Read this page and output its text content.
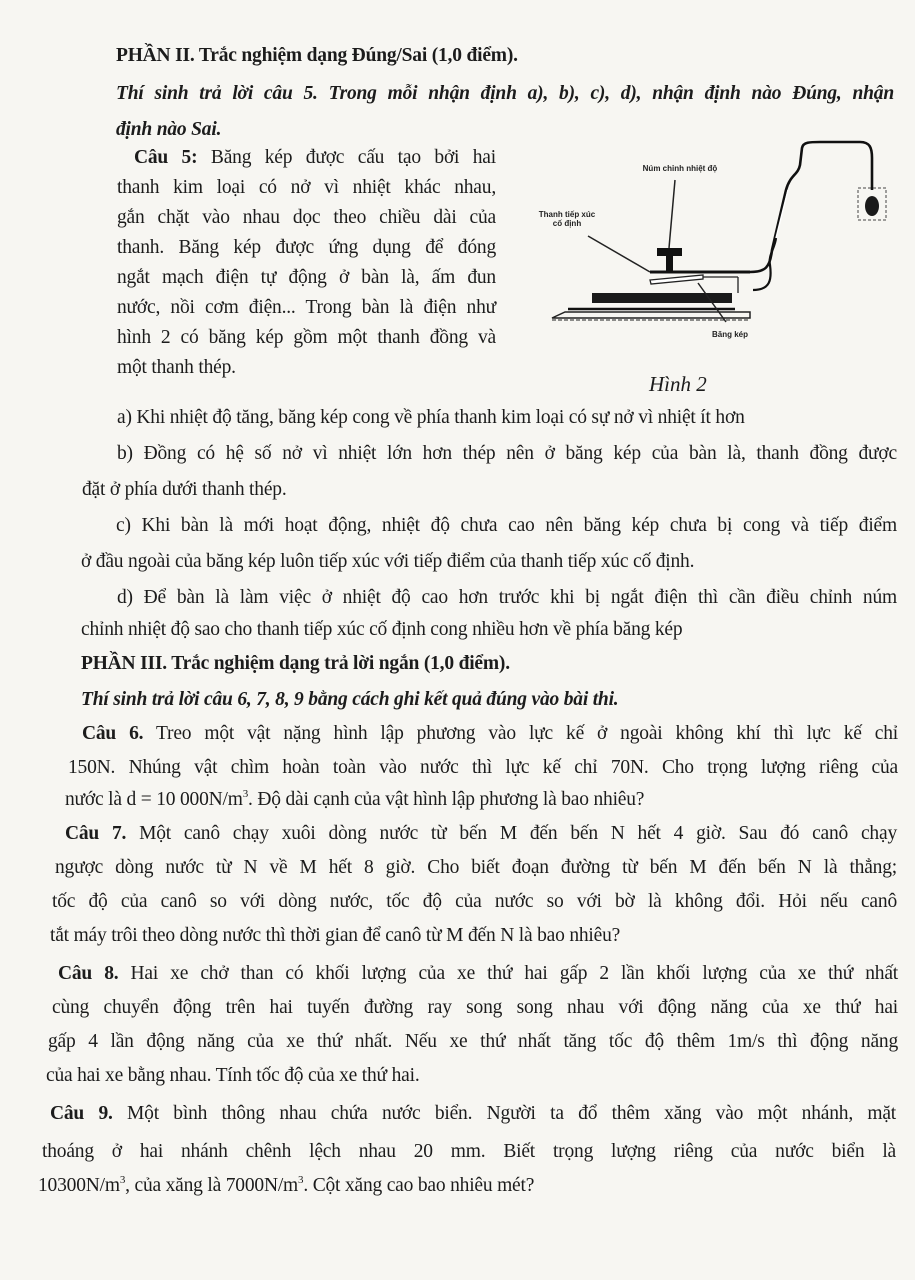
PHẦN II. Trắc nghiệm dạng Đúng/Sai (1,0 điểm).
Thí sinh trả lời câu 5. Trong mỗi nhận định a), b), c), d), nhận định nào Đúng, nhận
định nào Sai.
Câu 5: Băng kép được cấu tạo bởi hai
thanh kim loại có nở vì nhiệt khác nhau,
gắn chặt vào nhau dọc theo chiều dài của
thanh. Băng kép được ứng dụng để đóng
ngắt mạch điện tự động ở bàn là, ấm đun
nước, nồi cơm điện... Trong bàn là điện như
hình 2 có băng kép gồm một thanh đồng và
một thanh thép.
Núm chỉnh nhiệt độ
Thanh tiếp xúc
cố định
Băng kép
Hình 2
a) Khi nhiệt độ tăng, băng kép cong về phía thanh kim loại có sự nở vì nhiệt ít hơn
b) Đồng có hệ số nở vì nhiệt lớn hơn thép nên ở băng kép của bàn là, thanh đồng được
đặt ở phía dưới thanh thép.
c) Khi bàn là mới hoạt động, nhiệt độ chưa cao nên băng kép chưa bị cong và tiếp điểm
ở đầu ngoài của băng kép luôn tiếp xúc với tiếp điểm của thanh tiếp xúc cố định.
d) Để bàn là làm việc ở nhiệt độ cao hơn trước khi bị ngắt điện thì cần điều chỉnh núm
chỉnh nhiệt độ sao cho thanh tiếp xúc cố định cong nhiều hơn về phía băng kép
PHẦN III. Trắc nghiệm dạng trả lời ngắn (1,0 điểm).
Thí sinh trả lời câu 6, 7, 8, 9 bằng cách ghi kết quả đúng vào bài thi.
Câu 6. Treo một vật nặng hình lập phương vào lực kế ở ngoài không khí thì lực kế chỉ
150N. Nhúng vật chìm hoàn toàn vào nước thì lực kế chỉ 70N. Cho trọng lượng riêng của
nước là d = 10 $000N/m^3$. Độ dài cạnh của vật hình lập phương là bao nhiêu?
Câu 7. Một canô chạy xuôi dòng nước từ bến M đến bến N hết 4 giờ. Sau đó canô chạy
ngược dòng nước từ N về M hết 8 giờ. Cho biết đoạn đường từ bến M đến bến N là thẳng;
tốc độ của canô so với dòng nước, tốc độ của nước so với bờ là không đổi. Hỏi nếu canô
tắt máy trôi theo dòng nước thì thời gian để canô từ M đến N là bao nhiêu?
Câu 8. Hai xe chở than có khối lượng của xe thứ hai gấp 2 lần khối lượng của xe thứ nhất
cùng chuyển động trên hai tuyến đường ray song song nhau với động năng của xe thứ hai
gấp 4 lần động năng của xe thứ nhất. Nếu xe thứ nhất tăng tốc độ thêm 1m/s thì động năng
của hai xe bằng nhau. Tính tốc độ của xe thứ hai.
Câu 9. Một bình thông nhau chứa nước biển. Người ta đổ thêm xăng vào một nhánh, mặt
thoáng ở hai nhánh chênh lệch nhau 20 mm. Biết trọng lượng riêng của nước biển là
$10300N/m^3$, của xăng là $7000N/m^3$. Cột xăng cao bao nhiêu mét?
